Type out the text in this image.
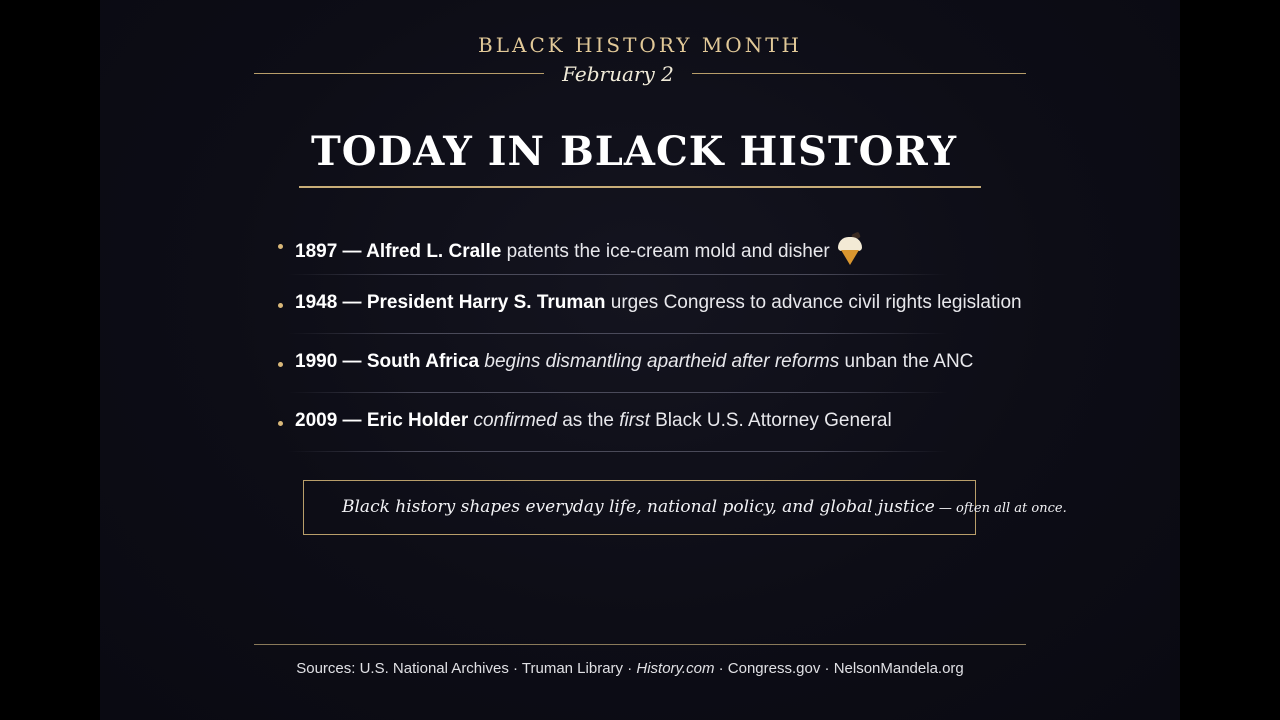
BLACK HISTORY MONTH
February 2
TODAY IN BLACK HISTORY
1897 — Alfred L. Cralle patents the ice-cream mold and disher
1948 — President Harry S. Truman urges Congress to advance civil rights legislation
1990 — South Africa begins dismantling apartheid after reforms unban the ANC
2009 — Eric Holder confirmed as the first Black U.S. Attorney General
Black history shapes everyday life, national policy, and global justice — often all at once.
Sources: U.S. National Archives · Truman Library · History.com · Congress.gov · NelsonMandela.org
